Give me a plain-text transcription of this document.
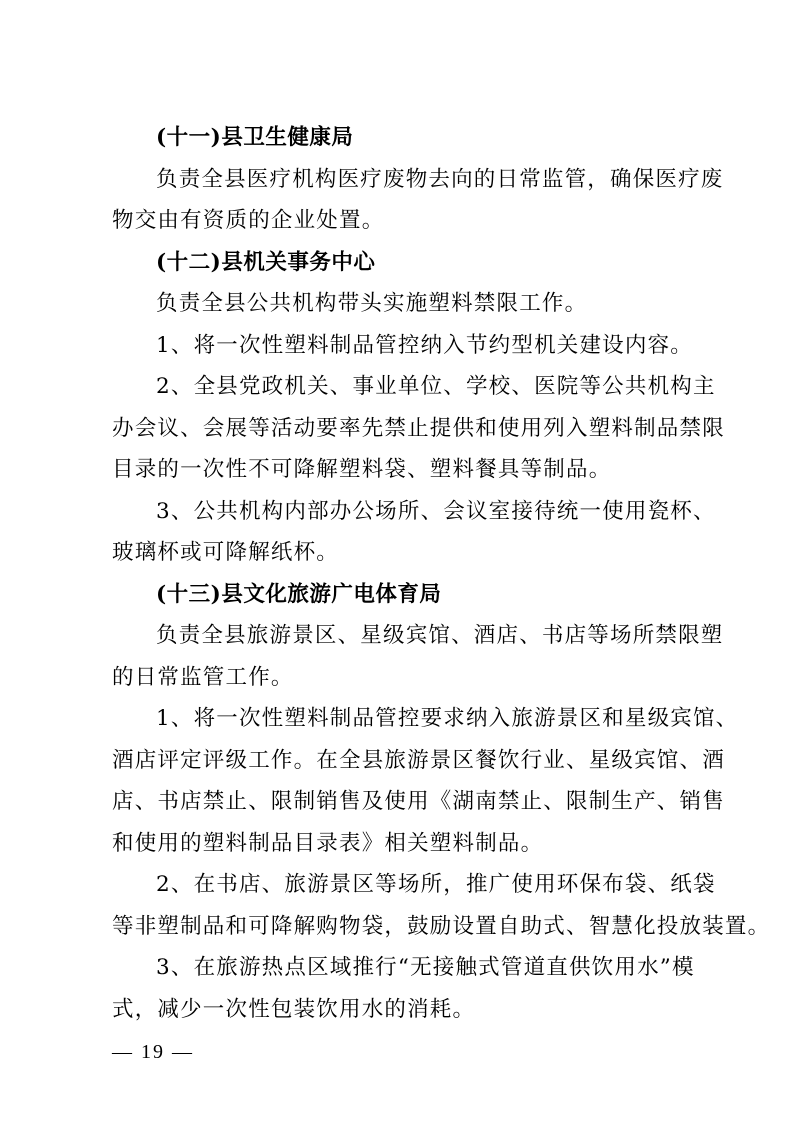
(十一)县卫生健康局
负责全县医疗机构医疗废物去向的日常监管，确保医疗废
物交由有资质的企业处置。
(十二)县机关事务中心
负责全县公共机构带头实施塑料禁限工作。
1、将一次性塑料制品管控纳入节约型机关建设内容。
2、全县党政机关、事业单位、学校、医院等公共机构主
办会议、会展等活动要率先禁止提供和使用列入塑料制品禁限
目录的一次性不可降解塑料袋、塑料餐具等制品。
3、公共机构内部办公场所、会议室接待统一使用瓷杯、
玻璃杯或可降解纸杯。
(十三)县文化旅游广电体育局
负责全县旅游景区、星级宾馆、酒店、书店等场所禁限塑
的日常监管工作。
1、将一次性塑料制品管控要求纳入旅游景区和星级宾馆、
酒店评定评级工作。在全县旅游景区餐饮行业、星级宾馆、酒
店、书店禁止、限制销售及使用《湖南禁止、限制生产、销售
和使用的塑料制品目录表》相关塑料制品。
2、在书店、旅游景区等场所，推广使用环保布袋、纸袋
等非塑制品和可降解购物袋，鼓励设置自助式、智慧化投放装置。
3、在旅游热点区域推行“无接触式管道直供饮用水”模
式，减少一次性包装饮用水的消耗。
— 19 —
